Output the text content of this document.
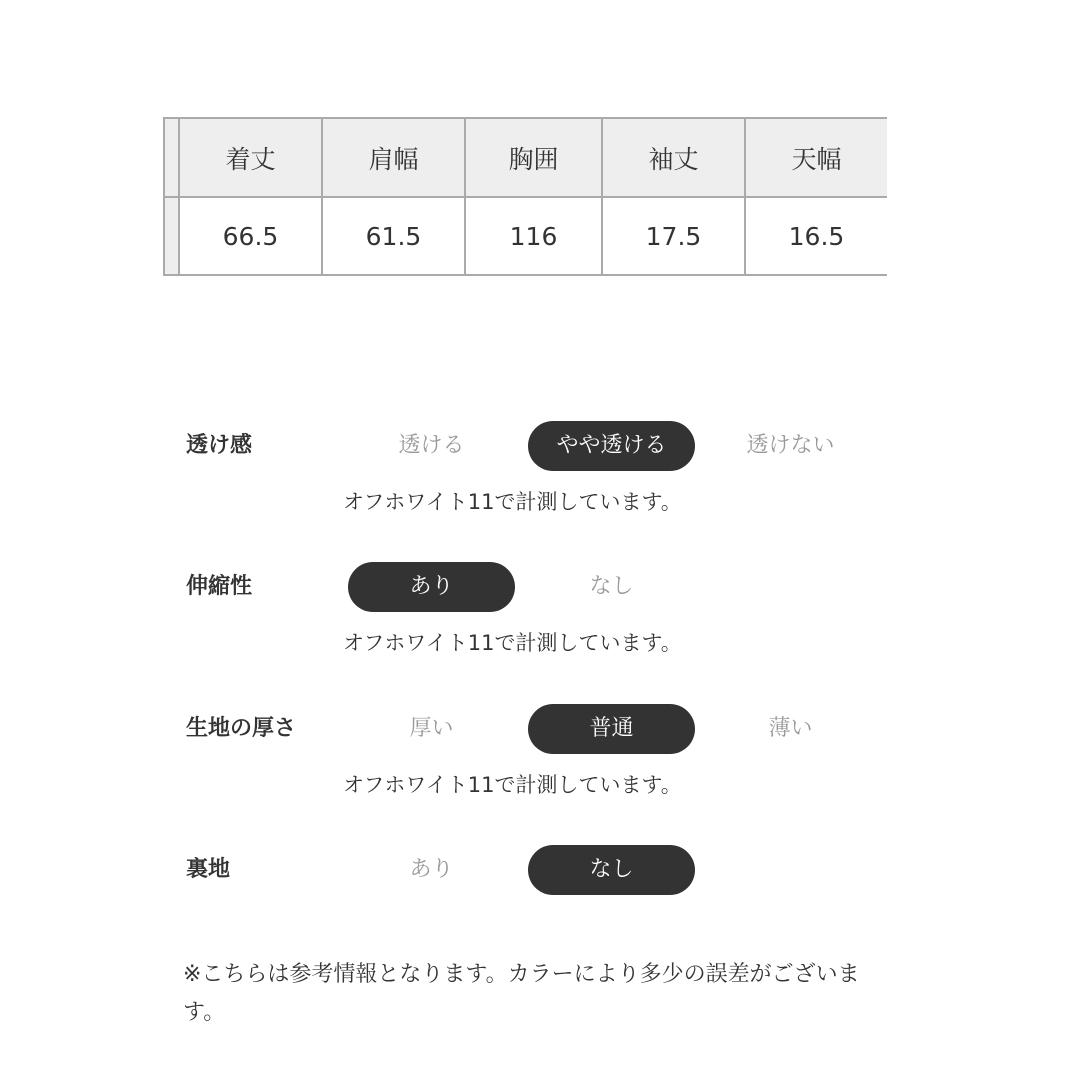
	着丈	肩幅	胸囲	袖丈	天幅
	66.5	61.5	116	17.5	16.5
透け感	透ける	やや透ける	透けない
オフホワイト11で計測しています。
伸縮性	あり	なし
オフホワイト11で計測しています。
生地の厚さ	厚い	普通	薄い
オフホワイト11で計測しています。
裏地	あり	なし
※こちらは参考情報となります。カラーにより多少の誤差がございます。
